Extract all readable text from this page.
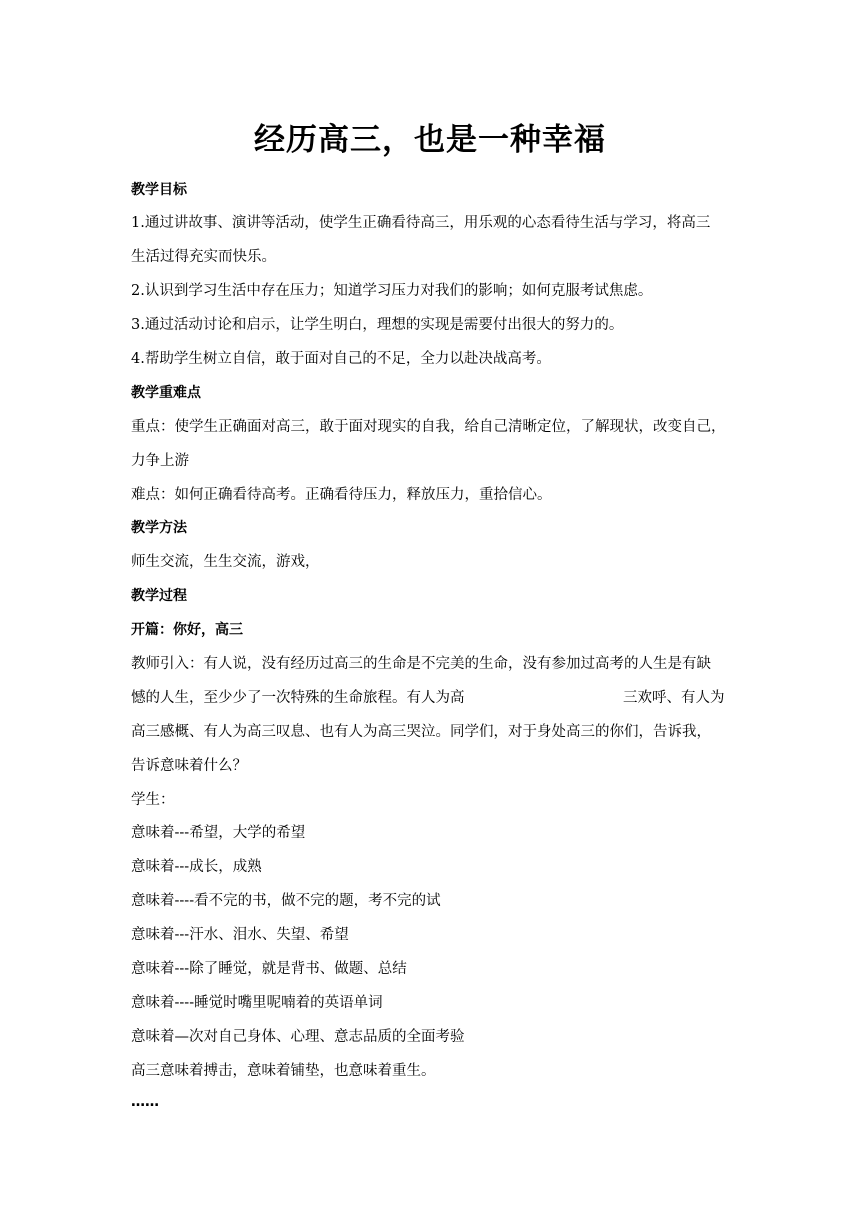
经历高三，也是一种幸福
教学目标
1.通过讲故事、演讲等活动，使学生正确看待高三，用乐观的心态看待生活与学习，将高三
生活过得充实而快乐。
2.认识到学习生活中存在压力；知道学习压力对我们的影响；如何克服考试焦虑。
3.通过活动讨论和启示，让学生明白，理想的实现是需要付出很大的努力的。
4.帮助学生树立自信，敢于面对自己的不足，全力以赴决战高考。
教学重难点
重点：使学生正确面对高三，敢于面对现实的自我，给自己清晰定位，了解现状，改变自己，
力争上游
难点：如何正确看待高考。正确看待压力，释放压力，重拾信心。
教学方法
师生交流，生生交流，游戏，
教学过程
开篇：你好，高三
教师引入：有人说，没有经历过高三的生命是不完美的生命，没有参加过高考的人生是有缺
憾的人生，至少少了一次特殊的生命旅程。有人为高	三欢呼、有人为
高三感概、有人为高三叹息、也有人为高三哭泣。同学们，对于身处高三的你们，告诉我，
告诉意味着什么？
学生：
意味着---希望，大学的希望
意味着---成长，成熟
意味着----看不完的书，做不完的题，考不完的试
意味着---汗水、泪水、失望、希望
意味着---除了睡觉，就是背书、做题、总结
意味着----睡觉时嘴里呢喃着的英语单词
意味着—次对自己身体、心理、意志品质的全面考验
高三意味着搏击，意味着铺垫，也意味着重生。
……
